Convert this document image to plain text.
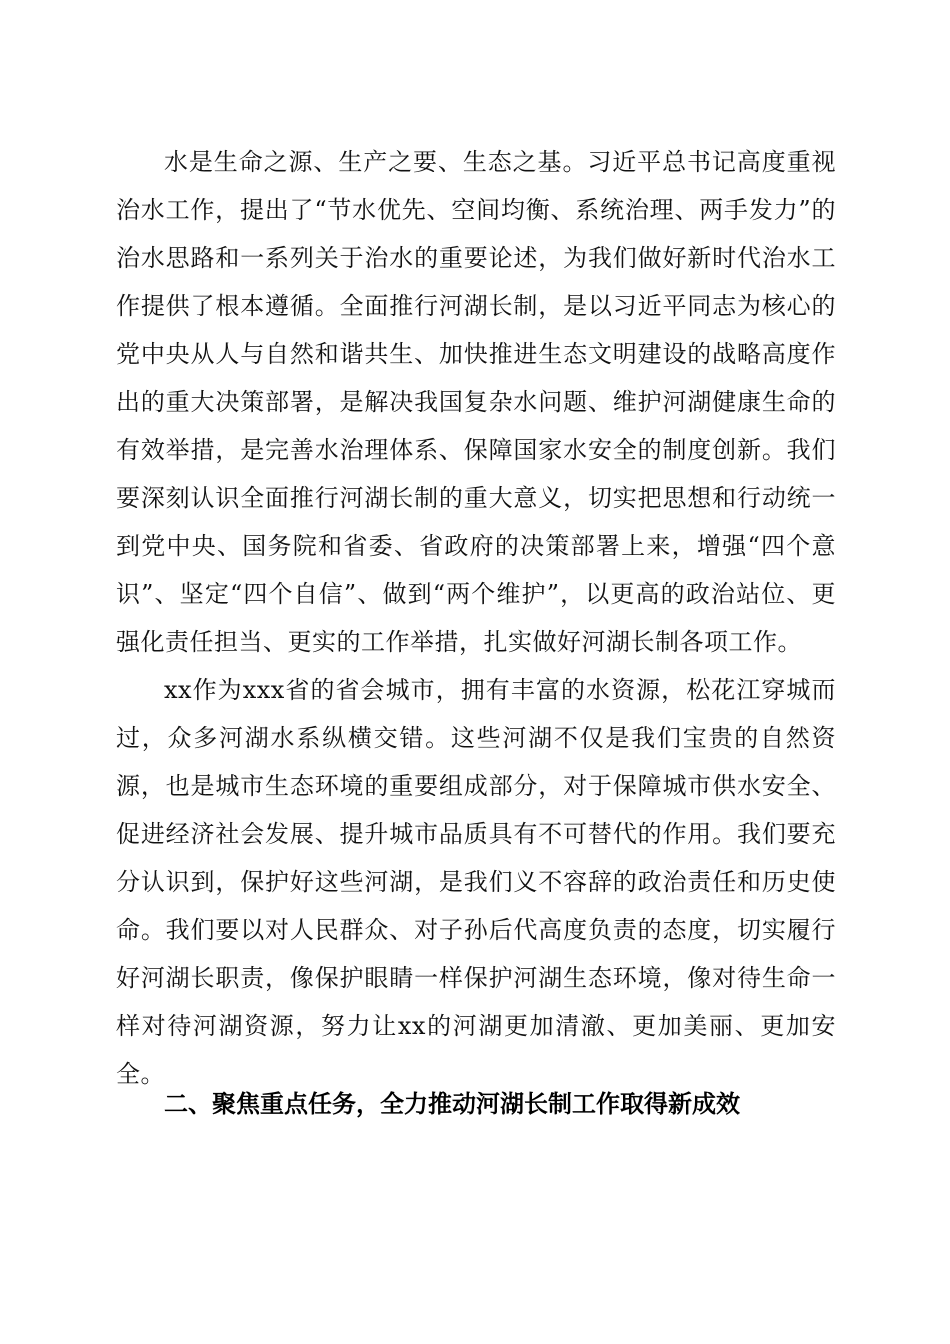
水是生命之源、生产之要、生态之基。习近平总书记高度重视治水工作，提出了“节水优先、空间均衡、系统治理、两手发力”的治水思路和一系列关于治水的重要论述，为我们做好新时代治水工作提供了根本遵循。全面推行河湖长制，是以习近平同志为核心的党中央从人与自然和谐共生、加快推进生态文明建设的战略高度作出的重大决策部署，是解决我国复杂水问题、维护河湖健康生命的有效举措，是完善水治理体系、保障国家水安全的制度创新。我们要深刻认识全面推行河湖长制的重大意义，切实把思想和行动统一到党中央、国务院和省委、省政府的决策部署上来，增强“四个意识”、坚定“四个自信”、做到“两个维护”，以更高的政治站位、更强化责任担当、更实的工作举措，扎实做好河湖长制各项工作。

xx作为xxx省的省会城市，拥有丰富的水资源，松花江穿城而过，众多河湖水系纵横交错。这些河湖不仅是我们宝贵的自然资源，也是城市生态环境的重要组成部分，对于保障城市供水安全、促进经济社会发展、提升城市品质具有不可替代的作用。我们要充分认识到，保护好这些河湖，是我们义不容辞的政治责任和历史使命。我们要以对人民群众、对子孙后代高度负责的态度，切实履行好河湖长职责，像保护眼睛一样保护河湖生态环境，像对待生命一样对待河湖资源，努力让xx的河湖更加清澈、更加美丽、更加安全。

二、聚焦重点任务，全力推动河湖长制工作取得新成效
